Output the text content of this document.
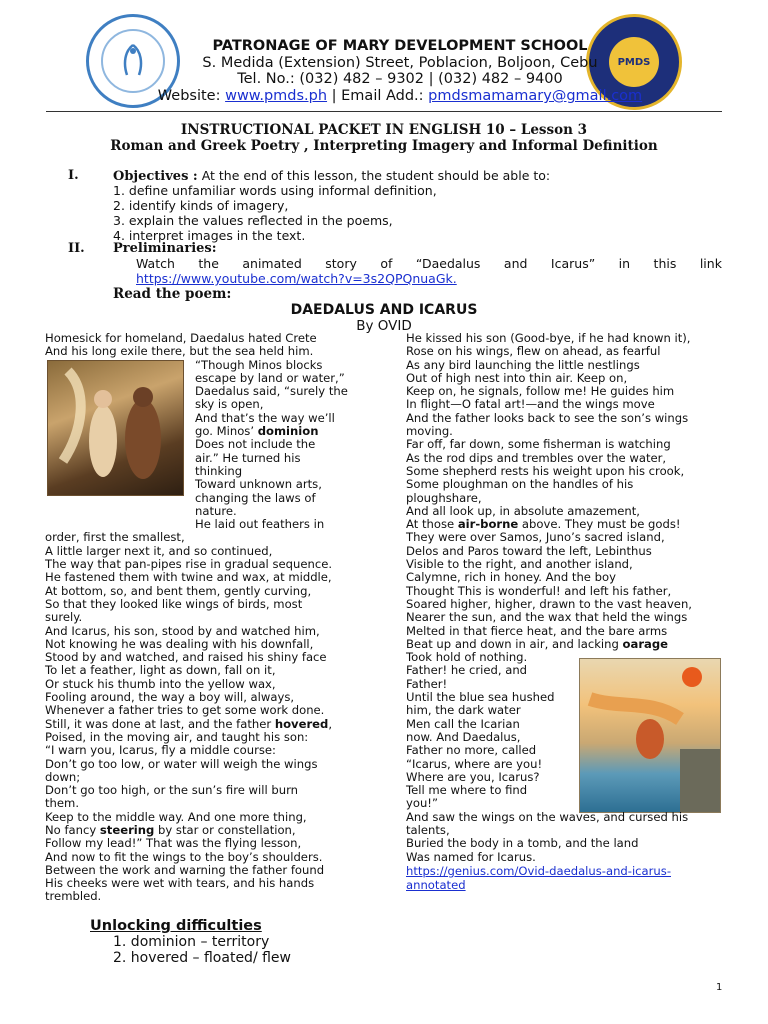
PMDS
PATRONAGE OF MARY DEVELOPMENT SCHOOL
S. Medida (Extension) Street, Poblacion, Boljoon, Cebu
Tel. No.: (032) 482 – 9302 | (032) 482 – 9400
Website: www.pmds.ph | Email Add.: pmdsmamamary@gmail.com
INSTRUCTIONAL PACKET IN ENGLISH 10 – Lesson 3
Roman and Greek Poetry , Interpreting Imagery and Informal Definition
I.	Objectives : At the end of this lesson, the student should be able to:
1. define unfamiliar words using informal definition,
2. identify kinds of imagery,
3. explain the values reflected in the poems,
4. interpret images in the text.
II. Preliminaries:
Watch the animated story of “Daedalus and Icarus” in this link
https://www.youtube.com/watch?v=3s2QPQnuaGk.
Read the poem:
DAEDALUS AND ICARUS
By OVID
Homesick for homeland, Daedalus hated Crete
And his long exile there, but the sea held him.
“Though Minos blocks
escape by land or water,”
Daedalus said, “surely the
sky is open,
And that’s the way we’ll
go. Minos’ dominion
Does not include the
air.” He turned his
thinking
Toward unknown arts,
changing the laws of
nature.
He laid out feathers in
order, first the smallest,
A little larger next it, and so continued,
The way that pan-pipes rise in gradual sequence.
He fastened them with twine and wax, at middle,
At bottom, so, and bent them, gently curving,
So that they looked like wings of birds, most
surely.
And Icarus, his son, stood by and watched him,
Not knowing he was dealing with his downfall,
Stood by and watched, and raised his shiny face
To let a feather, light as down, fall on it,
Or stuck his thumb into the yellow wax,
Fooling around, the way a boy will, always,
Whenever a father tries to get some work done.
Still, it was done at last, and the father hovered,
Poised, in the moving air, and taught his son:
“I warn you, Icarus, fly a middle course:
Don’t go too low, or water will weigh the wings
down;
Don’t go too high, or the sun’s fire will burn
them.
Keep to the middle way. And one more thing,
No fancy steering by star or constellation,
Follow my lead!” That was the flying lesson,
And now to fit the wings to the boy’s shoulders.
Between the work and warning the father found
His cheeks were wet with tears, and his hands
trembled.
He kissed his son (Good-bye, if he had known it),
Rose on his wings, flew on ahead, as fearful
As any bird launching the little nestlings
Out of high nest into thin air. Keep on,
Keep on, he signals, follow me! He guides him
In flight—O fatal art!—and the wings move
And the father looks back to see the son’s wings
moving.
Far off, far down, some fisherman is watching
As the rod dips and trembles over the water,
Some shepherd rests his weight upon his crook,
Some ploughman on the handles of his
ploughshare,
And all look up, in absolute amazement,
At those air-borne above. They must be gods!
They were over Samos, Juno’s sacred island,
Delos and Paros toward the left, Lebinthus
Visible to the right, and another island,
Calymne, rich in honey. And the boy
Thought This is wonderful! and left his father,
Soared higher, higher, drawn to the vast heaven,
Nearer the sun, and the wax that held the wings
Melted in that fierce heat, and the bare arms
Beat up and down in air, and lacking oarage
Took hold of nothing.
Father! he cried, and
Father!
Until the blue sea hushed
him, the dark water
Men call the Icarian
now. And Daedalus,
Father no more, called
“Icarus, where are you!
Where are you, Icarus?
Tell me where to find
you!”
And saw the wings on the waves, and cursed his
talents,
Buried the body in a tomb, and the land
Was named for Icarus.
https://genius.com/Ovid-daedalus-and-icarus-
annotated
Unlocking difficulties
1. dominion – territory
2. hovered – floated/ flew
1
